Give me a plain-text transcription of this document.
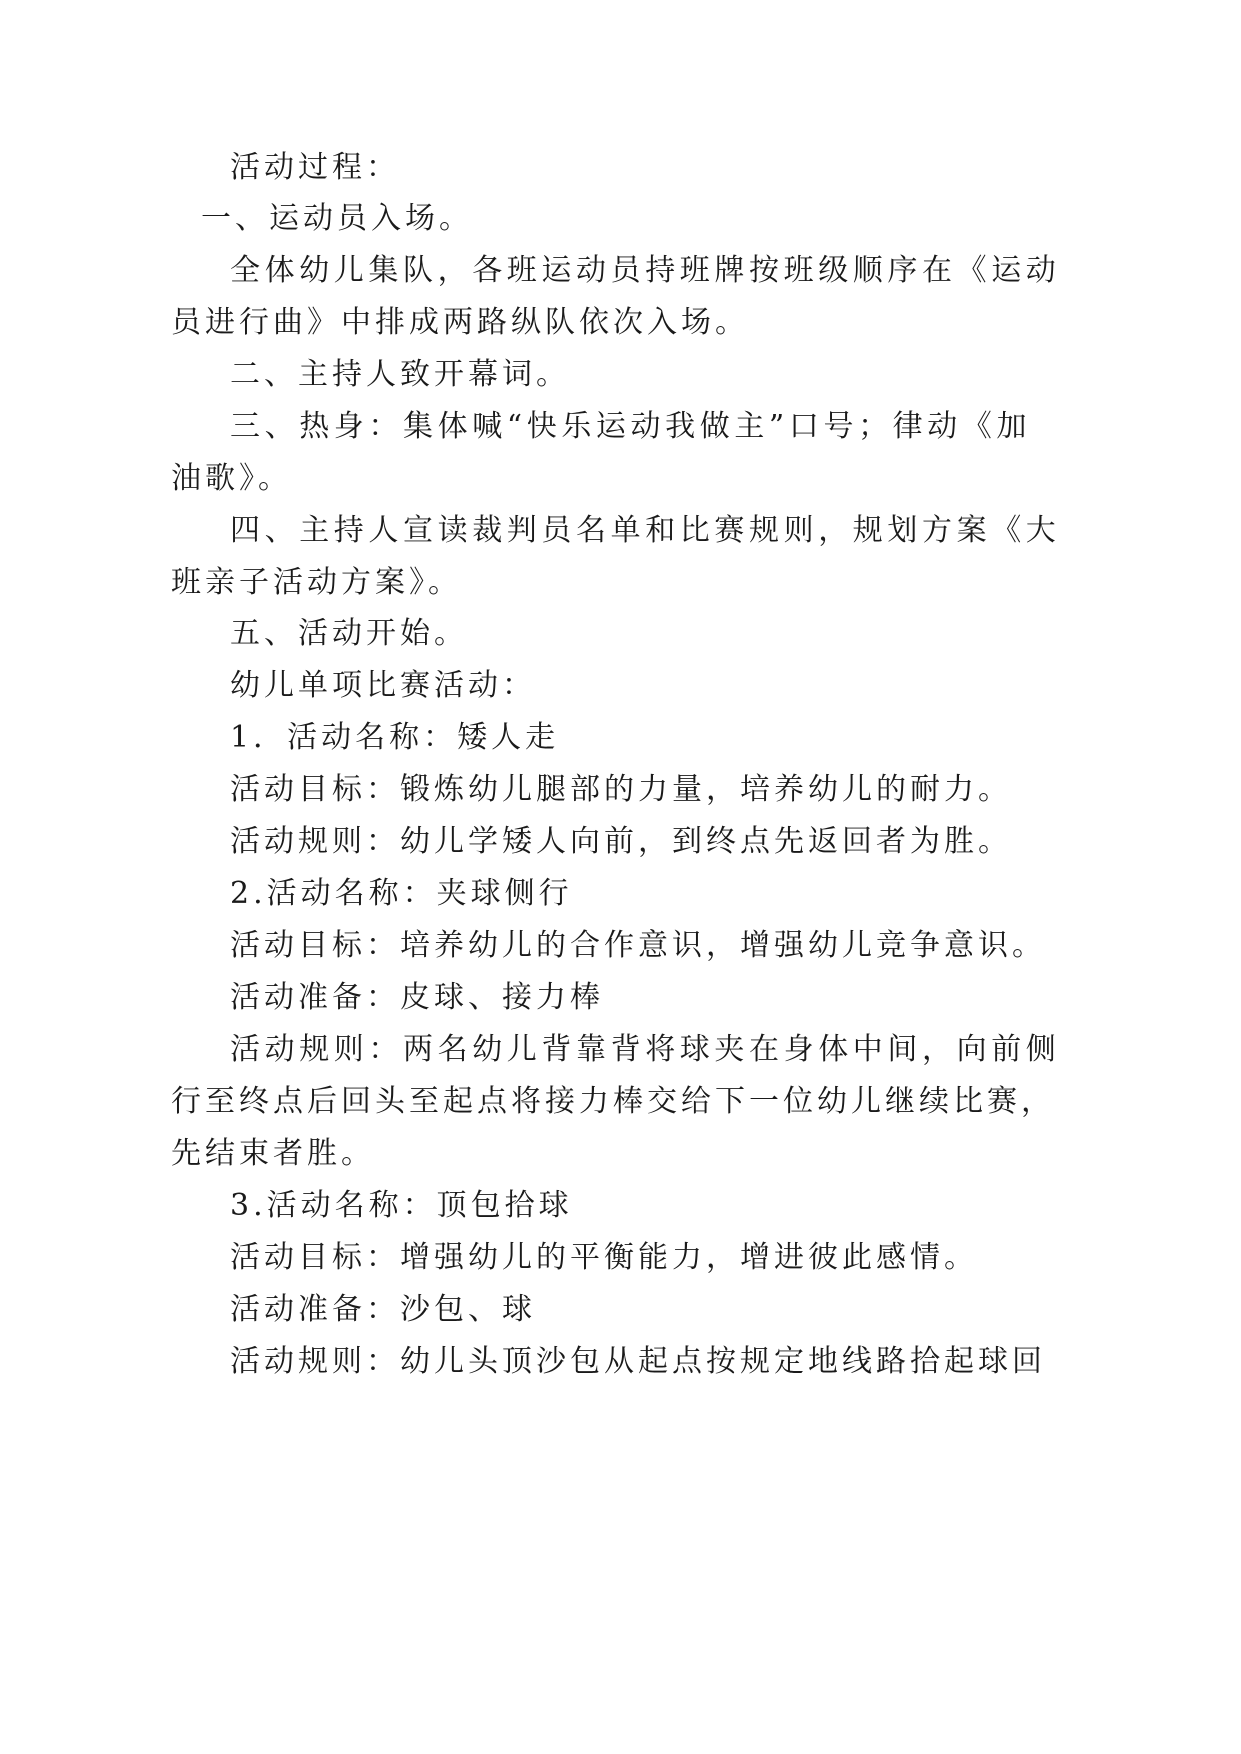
活动过程：
一、运动员入场。
全体幼儿集队，各班运动员持班牌按班级顺序在《运动
员进行曲》中排成两路纵队依次入场。
二、主持人致开幕词。
三、热身：集体喊“快乐运动我做主”口号；律动《加
油歌》。
四、主持人宣读裁判员名单和比赛规则，规划方案《大
班亲子活动方案》。
五、活动开始。
幼儿单项比赛活动：
1．活动名称：矮人走
活动目标：锻炼幼儿腿部的力量，培养幼儿的耐力。
活动规则：幼儿学矮人向前，到终点先返回者为胜。
2.活动名称：夹球侧行
活动目标：培养幼儿的合作意识，增强幼儿竞争意识。
活动准备：皮球、接力棒
活动规则：两名幼儿背靠背将球夹在身体中间，向前侧
行至终点后回头至起点将接力棒交给下一位幼儿继续比赛，
先结束者胜。
3.活动名称：顶包拾球
活动目标：增强幼儿的平衡能力，增进彼此感情。
活动准备：沙包、球
活动规则：幼儿头顶沙包从起点按规定地线路拾起球回
